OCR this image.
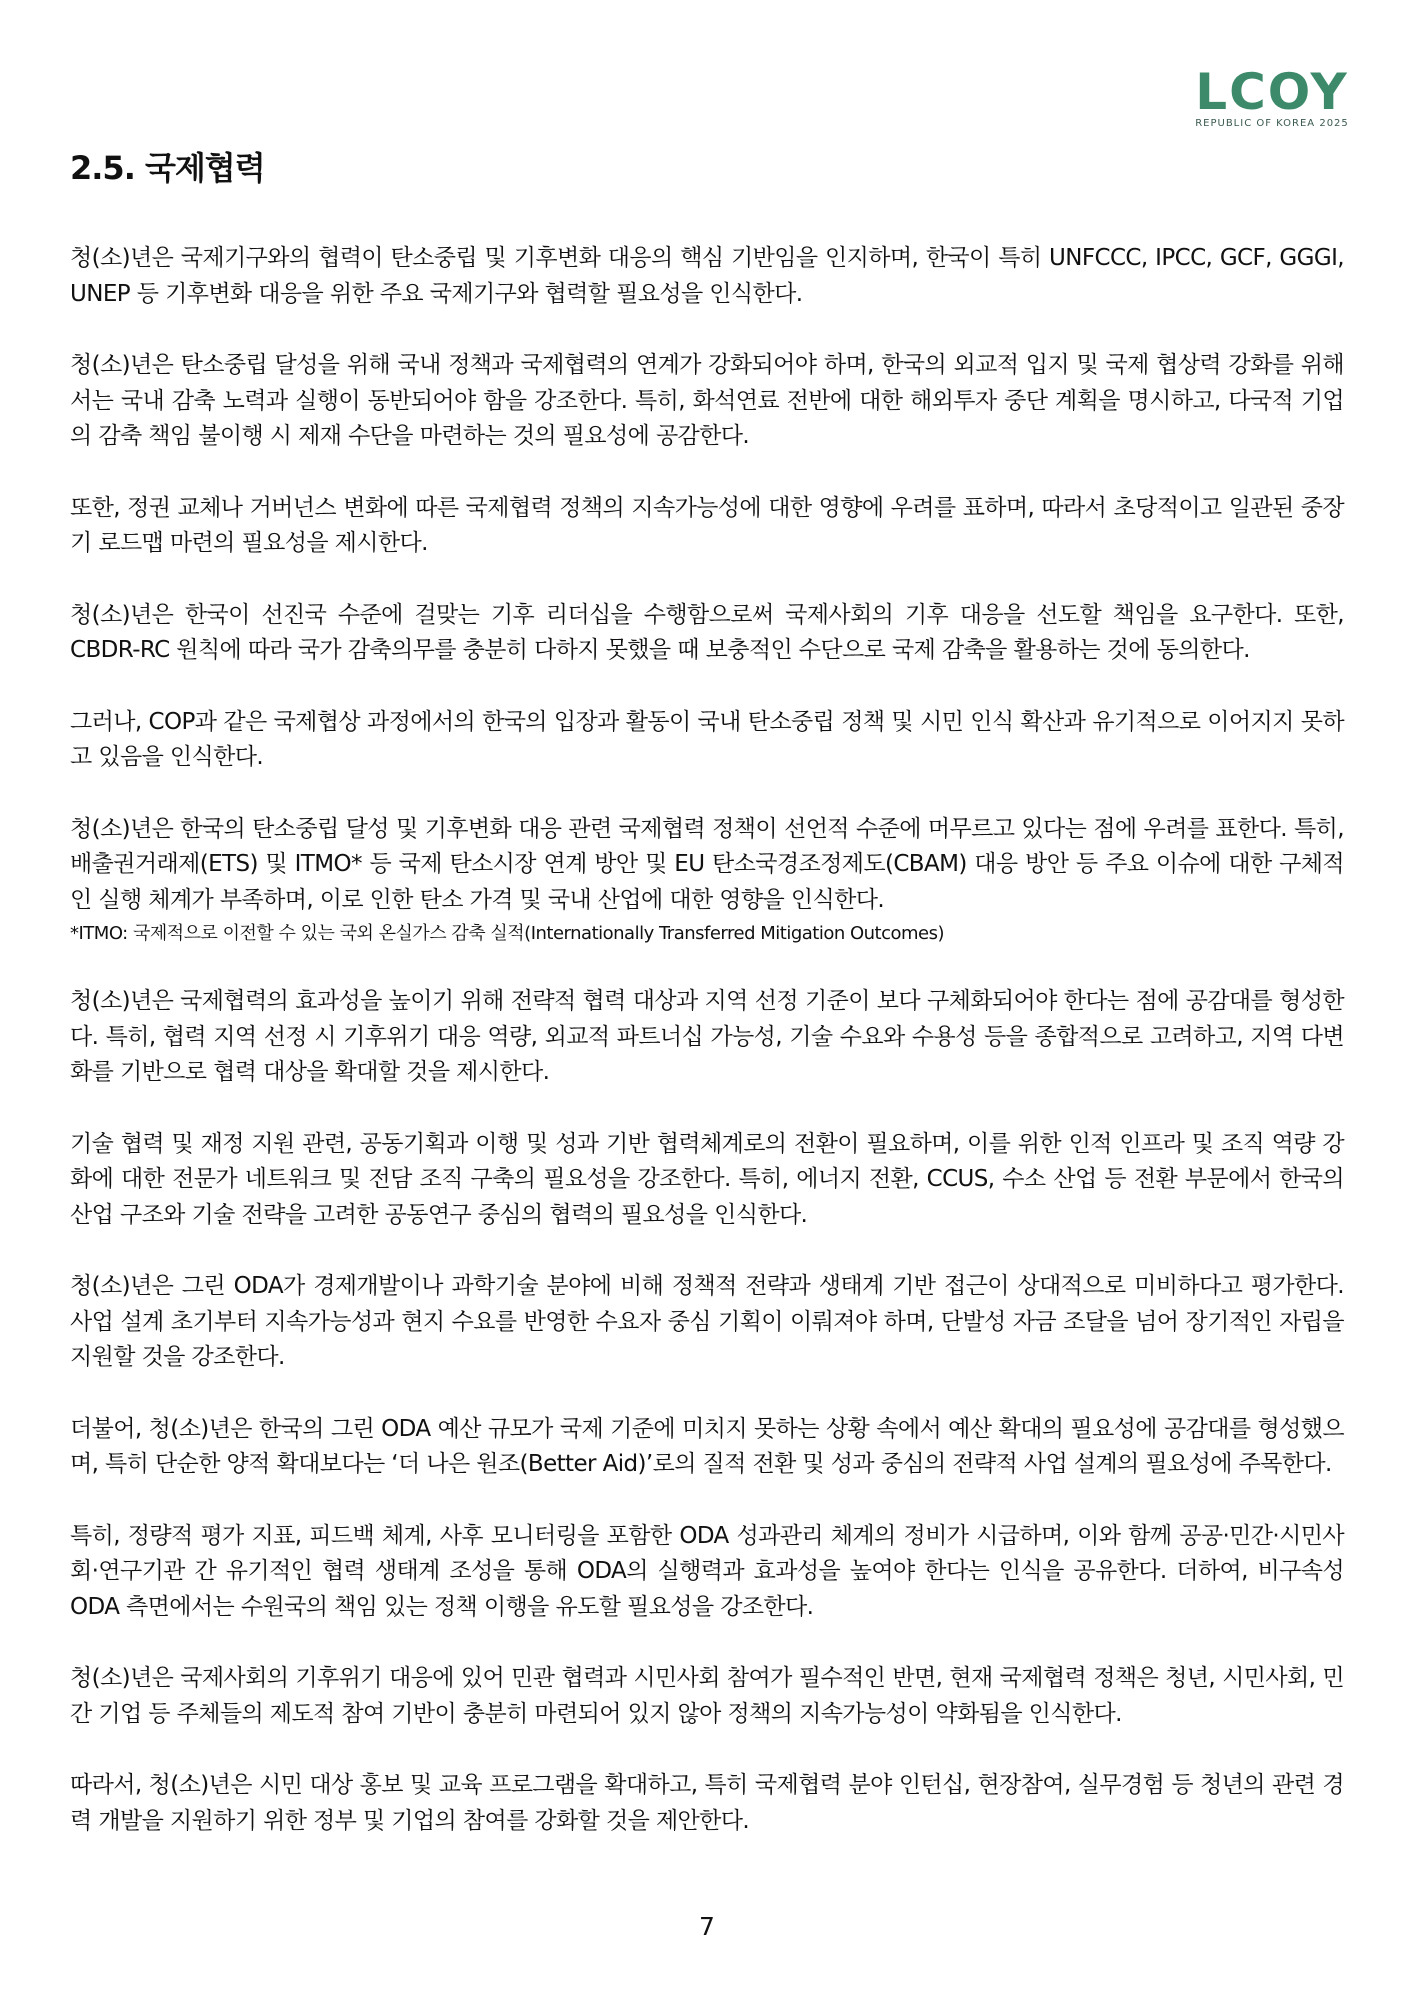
LCOY
REPUBLIC OF KOREA 2025
2.5. 국제협력

청(소)년은 국제기구와의 협력이 탄소중립 및 기후변화 대응의 핵심 기반임을 인지하며, 한국이 특히 UNFCCC, IPCC, GCF, GGGI, UNEP 등 기후변화 대응을 위한 주요 국제기구와 협력할 필요성을 인식한다.

청(소)년은 탄소중립 달성을 위해 국내 정책과 국제협력의 연계가 강화되어야 하며, 한국의 외교적 입지 및 국제 협상력 강화를 위해서는 국내 감축 노력과 실행이 동반되어야 함을 강조한다. 특히, 화석연료 전반에 대한 해외투자 중단 계획을 명시하고, 다국적 기업의 감축 책임 불이행 시 제재 수단을 마련하는 것의 필요성에 공감한다.

또한, 정권 교체나 거버넌스 변화에 따른 국제협력 정책의 지속가능성에 대한 영향에 우려를 표하며, 따라서 초당적이고 일관된 중장기 로드맵 마련의 필요성을 제시한다.

청(소)년은 한국이 선진국 수준에 걸맞는 기후 리더십을 수행함으로써 국제사회의 기후 대응을 선도할 책임을 요구한다. 또한, CBDR-RC 원칙에 따라 국가 감축의무를 충분히 다하지 못했을 때 보충적인 수단으로 국제 감축을 활용하는 것에 동의한다.

그러나, COP과 같은 국제협상 과정에서의 한국의 입장과 활동이 국내 탄소중립 정책 및 시민 인식 확산과 유기적으로 이어지지 못하고 있음을 인식한다.

청(소)년은 한국의 탄소중립 달성 및 기후변화 대응 관련 국제협력 정책이 선언적 수준에 머무르고 있다는 점에 우려를 표한다. 특히, 배출권거래제(ETS) 및 ITMO* 등 국제 탄소시장 연계 방안 및 EU 탄소국경조정제도(CBAM) 대응 방안 등 주요 이슈에 대한 구체적인 실행 체계가 부족하며, 이로 인한 탄소 가격 및 국내 산업에 대한 영향을 인식한다.

*ITMO: 국제적으로 이전할 수 있는 국외 온실가스 감축 실적(Internationally Transferred Mitigation Outcomes)

청(소)년은 국제협력의 효과성을 높이기 위해 전략적 협력 대상과 지역 선정 기준이 보다 구체화되어야 한다는 점에 공감대를 형성한다. 특히, 협력 지역 선정 시 기후위기 대응 역량, 외교적 파트너십 가능성, 기술 수요와 수용성 등을 종합적으로 고려하고, 지역 다변화를 기반으로 협력 대상을 확대할 것을 제시한다.

기술 협력 및 재정 지원 관련, 공동기획과 이행 및 성과 기반 협력체계로의 전환이 필요하며, 이를 위한 인적 인프라 및 조직 역량 강화에 대한 전문가 네트워크 및 전담 조직 구축의 필요성을 강조한다. 특히, 에너지 전환, CCUS, 수소 산업 등 전환 부문에서 한국의 산업 구조와 기술 전략을 고려한 공동연구 중심의 협력의 필요성을 인식한다.

청(소)년은 그린 ODA가 경제개발이나 과학기술 분야에 비해 정책적 전략과 생태계 기반 접근이 상대적으로 미비하다고 평가한다. 사업 설계 초기부터 지속가능성과 현지 수요를 반영한 수요자 중심 기획이 이뤄져야 하며, 단발성 자금 조달을 넘어 장기적인 자립을 지원할 것을 강조한다.

더불어, 청(소)년은 한국의 그린 ODA 예산 규모가 국제 기준에 미치지 못하는 상황 속에서 예산 확대의 필요성에 공감대를 형성했으며, 특히 단순한 양적 확대보다는 ‘더 나은 원조(Better Aid)’로의 질적 전환 및 성과 중심의 전략적 사업 설계의 필요성에 주목한다.

특히, 정량적 평가 지표, 피드백 체계, 사후 모니터링을 포함한 ODA 성과관리 체계의 정비가 시급하며, 이와 함께 공공·민간·시민사회·연구기관 간 유기적인 협력 생태계 조성을 통해 ODA의 실행력과 효과성을 높여야 한다는 인식을 공유한다. 더하여, 비구속성 ODA 측면에서는 수원국의 책임 있는 정책 이행을 유도할 필요성을 강조한다.

청(소)년은 국제사회의 기후위기 대응에 있어 민관 협력과 시민사회 참여가 필수적인 반면, 현재 국제협력 정책은 청년, 시민사회, 민간 기업 등 주체들의 제도적 참여 기반이 충분히 마련되어 있지 않아 정책의 지속가능성이 약화됨을 인식한다.

따라서, 청(소)년은 시민 대상 홍보 및 교육 프로그램을 확대하고, 특히 국제협력 분야 인턴십, 현장참여, 실무경험 등 청년의 관련 경력 개발을 지원하기 위한 정부 및 기업의 참여를 강화할 것을 제안한다.

7
